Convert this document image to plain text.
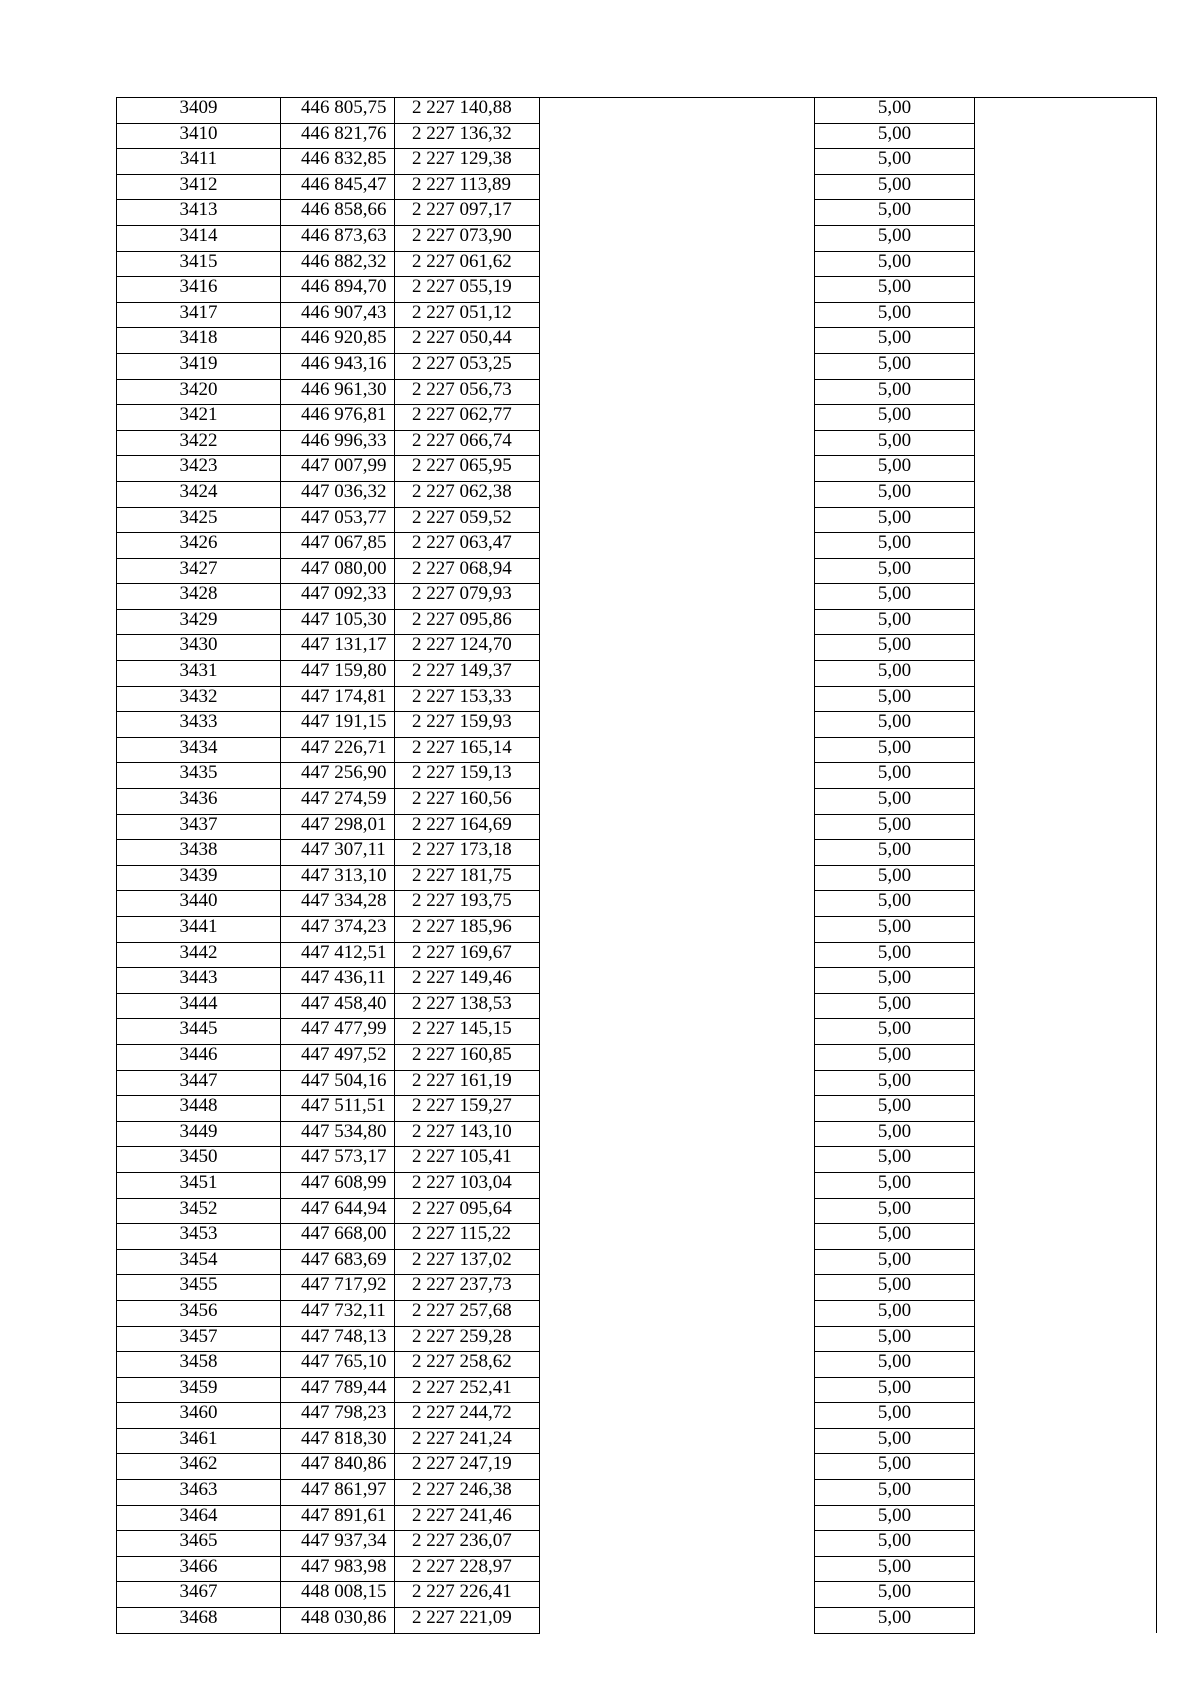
3409	446 805,75	2 227 140,88		5,00	
3410	446 821,76	2 227 136,32		5,00	
3411	446 832,85	2 227 129,38		5,00	
3412	446 845,47	2 227 113,89		5,00	
3413	446 858,66	2 227 097,17		5,00	
3414	446 873,63	2 227 073,90		5,00	
3415	446 882,32	2 227 061,62		5,00	
3416	446 894,70	2 227 055,19		5,00	
3417	446 907,43	2 227 051,12		5,00	
3418	446 920,85	2 227 050,44		5,00	
3419	446 943,16	2 227 053,25		5,00	
3420	446 961,30	2 227 056,73		5,00	
3421	446 976,81	2 227 062,77		5,00	
3422	446 996,33	2 227 066,74		5,00	
3423	447 007,99	2 227 065,95		5,00	
3424	447 036,32	2 227 062,38		5,00	
3425	447 053,77	2 227 059,52		5,00	
3426	447 067,85	2 227 063,47		5,00	
3427	447 080,00	2 227 068,94		5,00	
3428	447 092,33	2 227 079,93		5,00	
3429	447 105,30	2 227 095,86		5,00	
3430	447 131,17	2 227 124,70		5,00	
3431	447 159,80	2 227 149,37		5,00	
3432	447 174,81	2 227 153,33		5,00	
3433	447 191,15	2 227 159,93		5,00	
3434	447 226,71	2 227 165,14		5,00	
3435	447 256,90	2 227 159,13		5,00	
3436	447 274,59	2 227 160,56		5,00	
3437	447 298,01	2 227 164,69		5,00	
3438	447 307,11	2 227 173,18		5,00	
3439	447 313,10	2 227 181,75		5,00	
3440	447 334,28	2 227 193,75		5,00	
3441	447 374,23	2 227 185,96		5,00	
3442	447 412,51	2 227 169,67		5,00	
3443	447 436,11	2 227 149,46		5,00	
3444	447 458,40	2 227 138,53		5,00	
3445	447 477,99	2 227 145,15		5,00	
3446	447 497,52	2 227 160,85		5,00	
3447	447 504,16	2 227 161,19		5,00	
3448	447 511,51	2 227 159,27		5,00	
3449	447 534,80	2 227 143,10		5,00	
3450	447 573,17	2 227 105,41		5,00	
3451	447 608,99	2 227 103,04		5,00	
3452	447 644,94	2 227 095,64		5,00	
3453	447 668,00	2 227 115,22		5,00	
3454	447 683,69	2 227 137,02		5,00	
3455	447 717,92	2 227 237,73		5,00	
3456	447 732,11	2 227 257,68		5,00	
3457	447 748,13	2 227 259,28		5,00	
3458	447 765,10	2 227 258,62		5,00	
3459	447 789,44	2 227 252,41		5,00	
3460	447 798,23	2 227 244,72		5,00	
3461	447 818,30	2 227 241,24		5,00	
3462	447 840,86	2 227 247,19		5,00	
3463	447 861,97	2 227 246,38		5,00	
3464	447 891,61	2 227 241,46		5,00	
3465	447 937,34	2 227 236,07		5,00	
3466	447 983,98	2 227 228,97		5,00	
3467	448 008,15	2 227 226,41		5,00	
3468	448 030,86	2 227 221,09		5,00	
